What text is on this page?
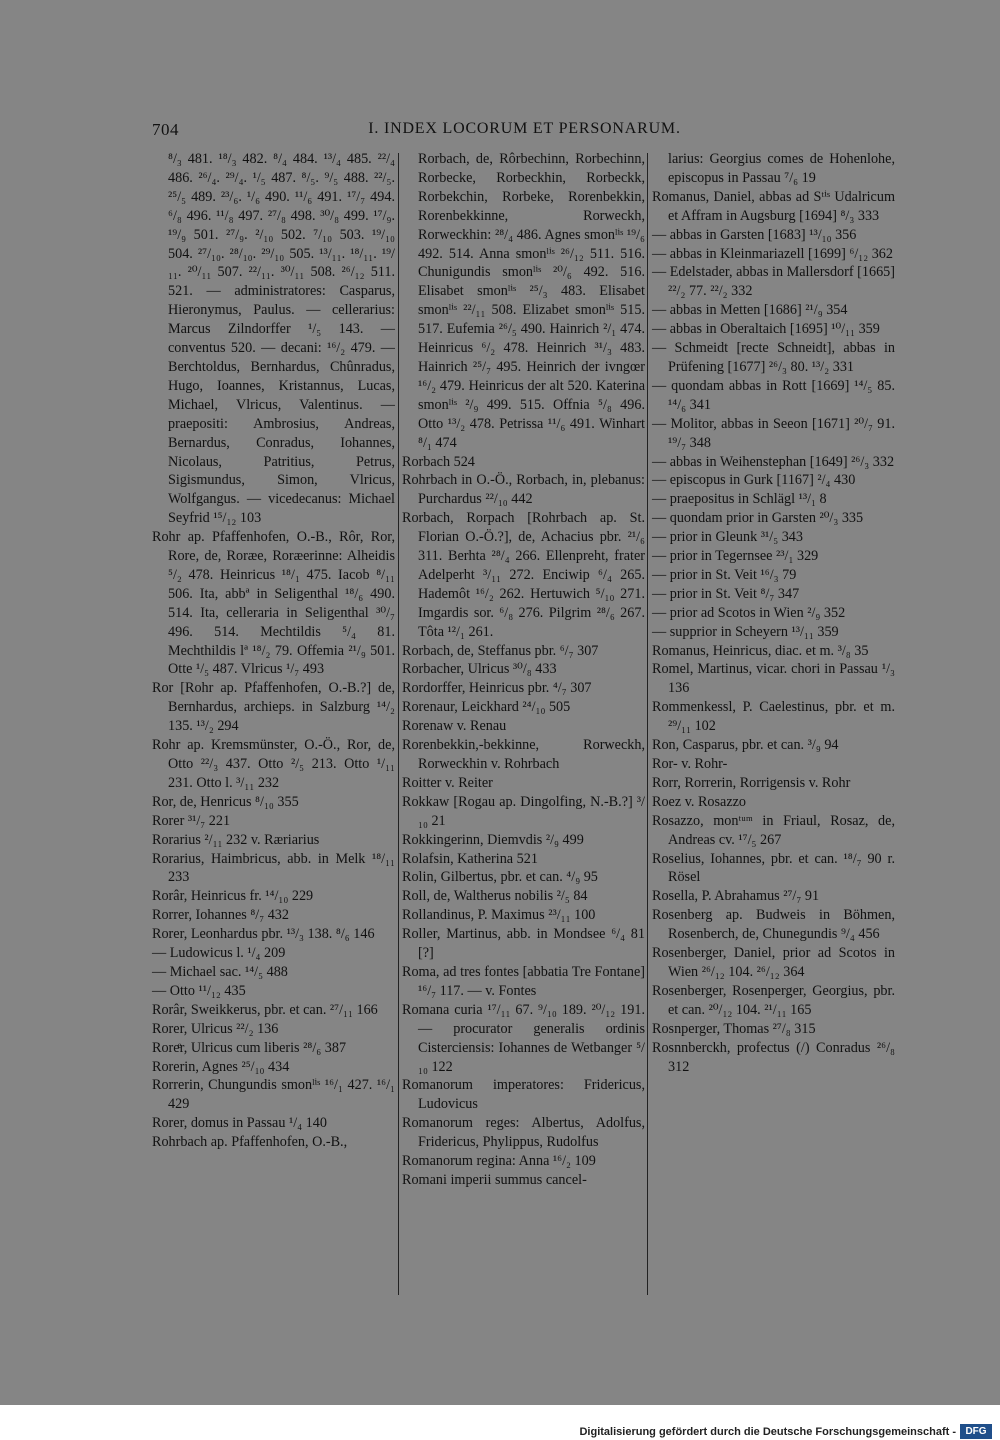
704	I. INDEX LOCORUM ET PERSONARUM.

⁸/₃ 481. ¹⁸/₃ 482. ⁸/₄ 484. ¹³/₄ 485. ²²/₄ 486. ²⁶/₄. ²⁹/₄. ¹/₅ 487. ⁸/₅. ⁹/₅ 488. ²²/₅. ²⁵/₅ 489. ²³/₆. ¹/₆ 490. ¹¹/₆ 491. ¹⁷/₇ 494. ⁶/₈ 496. ¹¹/₈ 497. ²⁷/₈ 498. ³⁰/₈ 499. ¹⁷/₉. ¹⁹/₉ 501. ²⁷/₉. ²/₁₀ 502. ⁷/₁₀ 503. ¹⁹/₁₀ 504. ²⁷/₁₀. ²⁸/₁₀. ²⁹/₁₀ 505. ¹³/₁₁. ¹⁸/₁₁. ¹⁹/₁₁. ²⁰/₁₁ 507. ²²/₁₁. ³⁰/₁₁ 508. ²⁶/₁₂ 511. 521. — administratores: Casparus, Hieronymus, Paulus. — cellerarius: Marcus Zilndorffer ¹/₅ 143. — conventus 520. — decani: ¹⁶/₂ 479. — Berchtoldus, Bernhardus, Chûnradus, Hugo, Ioannes, Kristannus, Lucas, Michael, Vlricus, Valentinus. — praepositi: Ambrosius, Andreas, Bernardus, Conradus, Iohannes, Nicolaus, Patritius, Petrus, Sigismundus, Simon, Vlricus, Wolfgangus. — vicedecanus: Michael Seyfrid ¹⁵/₁₂ 103

Rohr ap. Pfaffenhofen, O.-B., Rôr, Ror, Rore, de, Roræe, Roræerinne: Alheidis ⁵/₂ 478. Heinricus ¹⁸/₁ 475. Iacob ⁸/₁₁ 506. Ita, abbª in Seligenthal ¹⁸/₆ 490. 514. Ita, celleraria in Seligenthal ³⁰/₇ 496. 514. Mechtildis ⁵/₄ 81. Mechthildis lª ¹⁸/₂ 79. Offemia ²¹/₉ 501. Otte ¹/₅ 487. Vlricus ¹/₇ 493

Ror [Rohr ap. Pfaffenhofen, O.-B.?] de, Bernhardus, archieps. in Salzburg ¹⁴/₂ 135. ¹³/₂ 294

Rohr ap. Kremsmünster, O.-Ö., Ror, de, Otto ²²/₃ 437. Otto ²/₅ 213. Otto ¹/₁₁ 231. Otto l. ³/₁₁ 232

Ror, de, Henricus ⁸/₁₀ 355

Rorer ³¹/₇ 221

Rorarius ²/₁₁ 232 v. Ræriarius

Rorarius, Haimbricus, abb. in Melk ¹⁸/₁₁ 233

Rorâr, Heinricus fr. ¹⁴/₁₀ 229

Rorrer, Iohannes ⁸/₇ 432

Rorer, Leonhardus pbr. ¹³/₃ 138. ⁸/₆ 146

— Ludowicus l. ¹/₄ 209

— Michael sac. ¹⁴/₅ 488

— Otto ¹¹/₁₂ 435

Rorâr, Sweikkerus, pbr. et can. ²⁷/₁₁ 166

Rorer, Ulricus ²²/₂ 136

Roreͤr, Ulricus cum liberis ²⁸/₆ 387

Rorerin, Agnes ²⁵/₁₀ 434

Rorrerin, Chungundis smonˡⁱˢ ¹⁶/₁ 427. ¹⁶/₁ 429

Rorer, domus in Passau ¹/₄ 140

Rohrbach ap. Pfaffenhofen, O.-B.,

Rorbach, de, Rôrbechinn, Rorbechinn, Rorbecke, Rorbeckhin, Rorbeckk, Rorbekchin, Rorbeke, Rorenbekkin, Rorenbekkinne, Rorweckh, Rorweckhin: ²⁸/₄ 486. Agnes smonˡⁱˢ ¹⁹/₆ 492. 514. Anna smonˡⁱˢ ²⁶/₁₂ 511. 516. Chunigundis smonˡⁱˢ ²⁰/₆ 492. 516. Elisabet smonˡⁱˢ ²⁵/₃ 483. Elisabet smonˡⁱˢ ²²/₁₁ 508. Elizabet smonˡⁱˢ 515. 517. Eufemia ²⁶/₅ 490. Hainrich ²/₁ 474. Heinricus ⁶/₂ 478. Heinrich ³¹/₃ 483. Hainrich ²⁵/₇ 495. Heinrich der ivngœr ¹⁶/₂ 479. Heinricus der alt 520. Katerina smonˡⁱˢ ²/₉ 499. 515. Offnia ⁵/₈ 496. Otto ¹³/₂ 478. Petrissa ¹¹/₆ 491. Winhart ⁸/₁ 474

Rorbach 524

Rohrbach in O.-Ö., Rorbach, in, plebanus: Purchardus ²²/₁₀ 442

Rorbach, Rorpach [Rohrbach ap. St. Florian O.-Ö.?], de, Achacius pbr. ²¹/₆ 311. Berhta ²⁸/₄ 266. Ellenpreht, frater Adelperht ³/₁₁ 272. Enciwip ⁶/₄ 265. Hademôt ¹⁶/₂ 262. Hertuwich ⁵/₁₀ 271. Imgardis sor. ⁶/₈ 276. Pilgrim ²⁸/₆ 267. Tôta ¹²/₁ 261.

Rorbach, de, Steffanus pbr. ⁶/₇ 307

Rorbacher, Ulricus ³⁰/₈ 433

Rordorffer, Heinricus pbr. ⁴/₇ 307

Rorenaur, Leickhard ²⁴/₁₀ 505

Rorenaw v. Renau

Rorenbekkin,-bekkinne, Rorweckh, Rorweckhin v. Rohrbach

Roitter v. Reiter

Rokkaw [Rogau ap. Dingolfing, N.-B.?] ³/₁₀ 21

Rokkingerinn, Diemvdis ²/₉ 499

Rolafsin, Katherina 521

Rolin, Gilbertus, pbr. et can. ⁴/₉ 95

Roll, de, Waltherus nobilis ²/₅ 84

Rollandinus, P. Maximus ²³/₁₁ 100

Roller, Martinus, abb. in Mondsee ⁶/₄ 81 [?]

Roma, ad tres fontes [abbatia Tre Fontane] ¹⁶/₇ 117. — v. Fontes

Romana curia ¹⁷/₁₁ 67. ⁹/₁₀ 189. ²⁰/₁₂ 191. — procurator generalis ordinis Cisterciensis: Iohannes de Wetbanger ⁵/₁₀ 122

Romanorum imperatores: Fridericus, Ludovicus

Romanorum reges: Albertus, Adolfus, Fridericus, Phylippus, Rudolfus

Romanorum regina: Anna ¹⁶/₂ 109

Romani imperii summus cancel-

larius: Georgius comes de Hohenlohe, episcopus in Passau ⁷/₆ 19

Romanus, Daniel, abbas ad Sᵗⁱˢ Udalricum et Affram in Augsburg [1694] ⁸/₃ 333

— abbas in Garsten [1683] ¹³/₁₀ 356

— abbas in Kleinmariazell [1699] ⁶/₁₂ 362

— Edelstader, abbas in Mallersdorf [1665] ²²/₂ 77. ²²/₂ 332

— abbas in Metten [1686] ²¹/₉ 354

— abbas in Oberaltaich [1695] ¹⁰/₁₁ 359

— Schmeidt [recte Schneidt], abbas in Prüfening [1677] ²⁶/₃ 80. ¹³/₂ 331

— quondam abbas in Rott [1669] ¹⁴/₅ 85. ¹⁴/₆ 341

— Molitor, abbas in Seeon [1671] ²⁰/₇ 91. ¹⁹/₇ 348

— abbas in Weihenstephan [1649] ²⁶/₃ 332

— episcopus in Gurk [1167] ²/₄ 430

— praepositus in Schlägl ¹³/₁ 8

— quondam prior in Garsten ²⁰/₃ 335

— prior in Gleunk ³¹/₅ 343

— prior in Tegernsee ²³/₁ 329

— prior in St. Veit ¹⁶/₃ 79

— prior in St. Veit ⁸/₇ 347

— prior ad Scotos in Wien ²/₉ 352

— supprior in Scheyern ¹³/₁₁ 359

Romanus, Heinricus, diac. et m. ³/₈ 35

Romel, Martinus, vicar. chori in Passau ¹/₃ 136

Rommenkessl, P. Caelestinus, pbr. et m. ²⁹/₁₁ 102

Ron, Casparus, pbr. et can. ³/₉ 94

Ror- v. Rohr-

Rorr, Rorrerin, Rorrigensis v. Rohr

Roez v. Rosazzo

Rosazzo, monᵗᵘᵐ in Friaul, Rosaz, de, Andreas cv. ¹⁷/₅ 267

Roselius, Iohannes, pbr. et can. ¹⁸/₇ 90 r. Rösel

Rosella, P. Abrahamus ²⁷/₇ 91

Rosenberg ap. Budweis in Böhmen, Rosenberch, de, Chunegundis ⁹/₄ 456

Rosenberger, Daniel, prior ad Scotos in Wien ²⁶/₁₂ 104. ²⁶/₁₂ 364

Rosenberger, Rosenperger, Georgius, pbr. et can. ²⁰/₁₂ 104. ²¹/₁₁ 165

Rosnperger, Thomas ²⁷/₈ 315

Rosnnberckh, profectus (/) Conradus ²⁶/₈ 312

Digitalisierung gefördert durch die Deutsche Forschungsgemeinschaft - DFG
